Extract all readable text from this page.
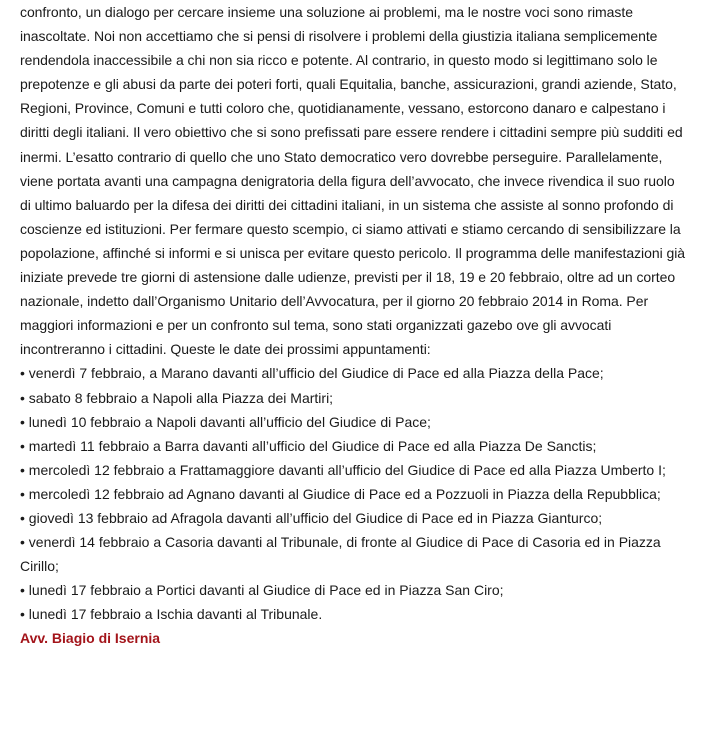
confronto, un dialogo per cercare insieme una soluzione ai problemi, ma le nostre voci sono rimaste inascoltate. Noi non accettiamo che si pensi di risolvere i problemi della giustizia italiana semplicemente rendendola inaccessibile a chi non sia ricco e potente. Al contrario, in questo modo si legittimano solo le prepotenze e gli abusi da parte dei poteri forti, quali Equitalia, banche, assicurazioni, grandi aziende, Stato, Regioni, Province, Comuni e tutti coloro che, quotidianamente, vessano, estorcono danaro e calpestano i diritti degli italiani. Il vero obiettivo che si sono prefissati pare essere rendere i cittadini sempre più sudditi ed inermi. L’esatto contrario di quello che uno Stato democratico vero dovrebbe perseguire. Parallelamente, viene portata avanti una campagna denigratoria della figura dell’avvocato, che invece rivendica il suo ruolo di ultimo baluardo per la difesa dei diritti dei cittadini italiani, in un sistema che assiste al sonno profondo di coscienze ed istituzioni. Per fermare questo scempio, ci siamo attivati e stiamo cercando di sensibilizzare la popolazione, affinché si informi e si unisca per evitare questo pericolo. Il programma delle manifestazioni già iniziate prevede tre giorni di astensione dalle udienze, previsti per il 18, 19 e 20 febbraio, oltre ad un corteo nazionale, indetto dall’Organismo Unitario dell’Avvocatura, per il giorno 20 febbraio 2014 in Roma. Per maggiori informazioni e per un confronto sul tema, sono stati organizzati gazebo ove gli avvocati incontreranno i cittadini. Queste le date dei prossimi appuntamenti:

• venerdì 7 febbraio, a Marano davanti all’ufficio del Giudice di Pace ed alla Piazza della Pace;
• sabato 8 febbraio a Napoli alla Piazza dei Martiri;
• lunedì 10 febbraio a Napoli davanti all’ufficio del Giudice di Pace;
• martedì 11 febbraio a Barra davanti all’ufficio del Giudice di Pace ed alla Piazza De Sanctis;
• mercoledì 12 febbraio a Frattamaggiore davanti all’ufficio del Giudice di Pace ed alla Piazza Umberto I;
• mercoledì 12 febbraio ad Agnano davanti al Giudice di Pace ed a Pozzuoli in Piazza della Repubblica;
• giovedì 13 febbraio ad Afragola davanti all’ufficio del Giudice di Pace ed in Piazza Gianturco;
• venerdì 14 febbraio a Casoria davanti al Tribunale, di fronte al Giudice di Pace di Casoria ed in Piazza Cirillo;
• lunedì 17 febbraio a Portici davanti al Giudice di Pace ed in Piazza San Ciro;
• lunedì 17 febbraio a Ischia davanti al Tribunale.

Avv. Biagio di Isernia
